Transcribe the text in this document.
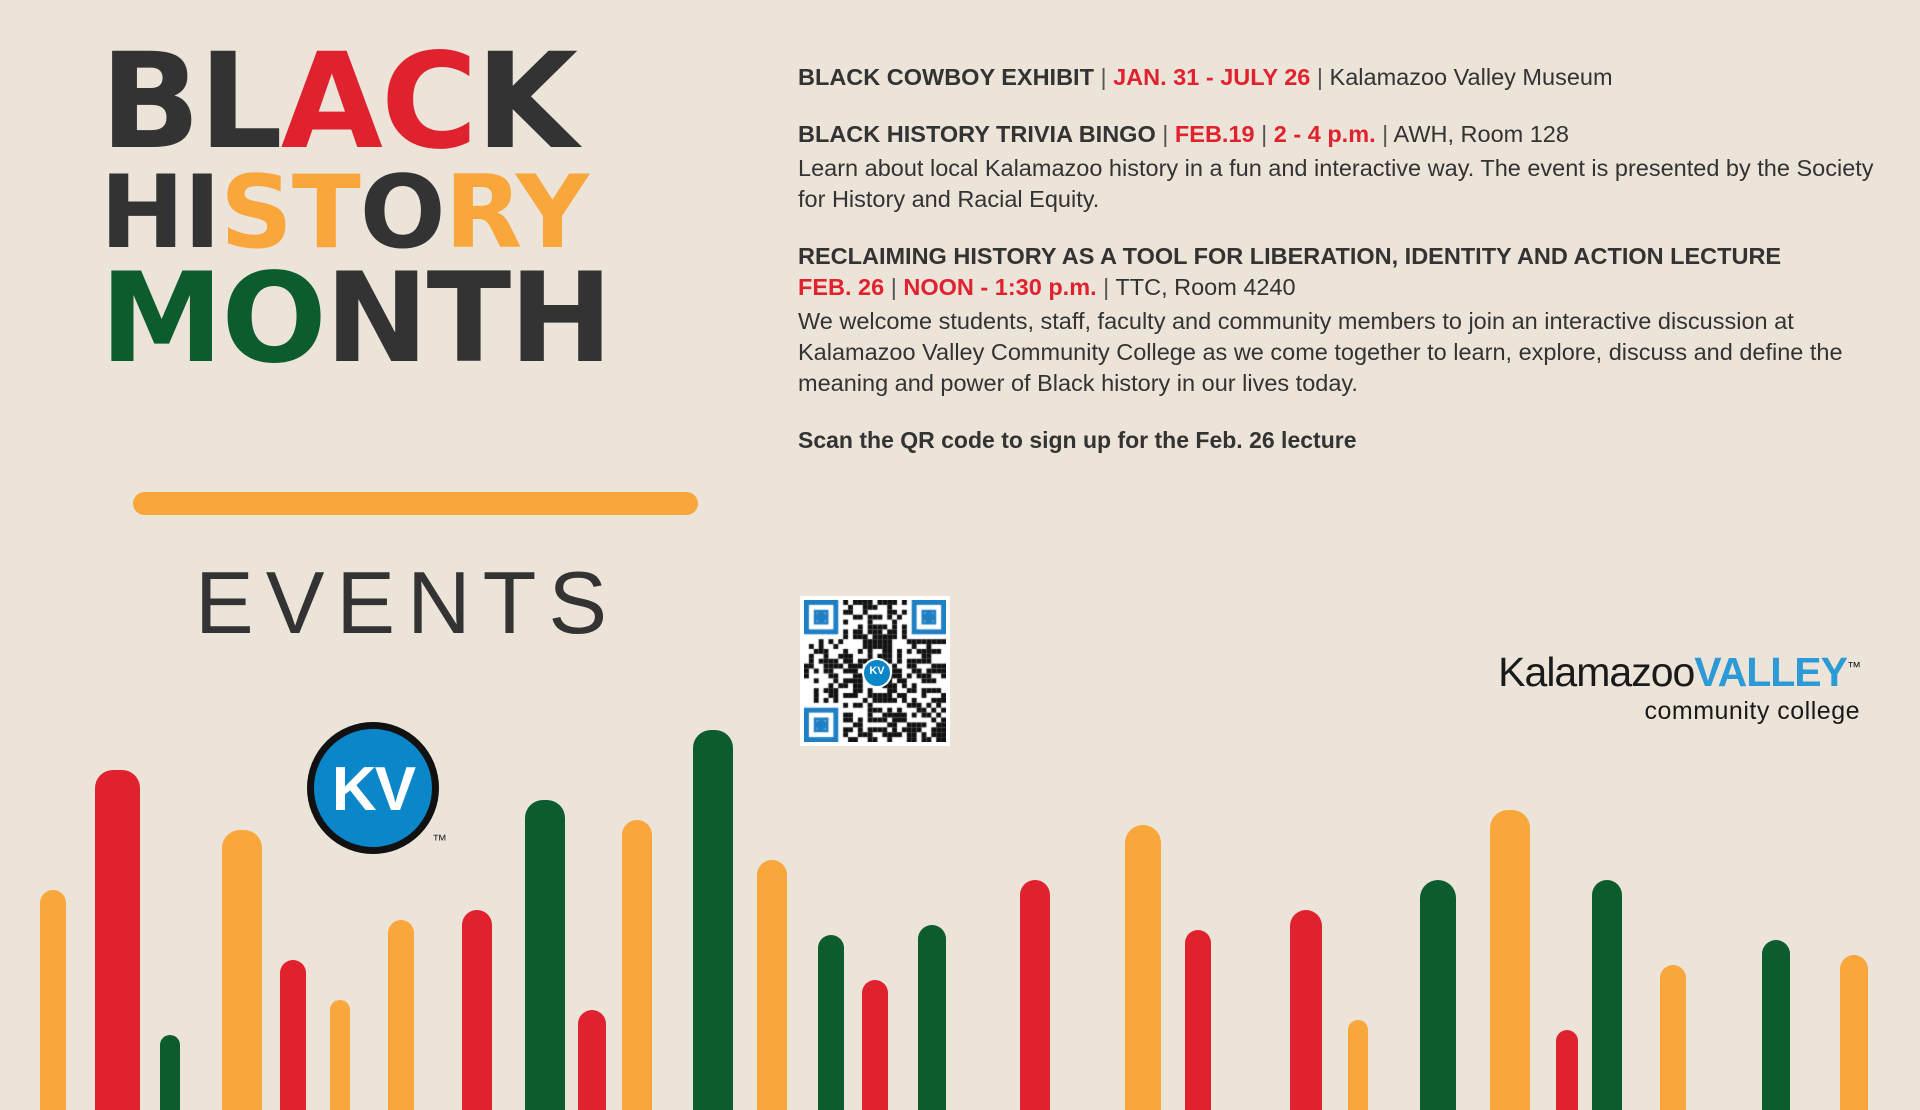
BLACK
HISTORY
MONTH
EVENTS
KV
™
BLACK COWBOY EXHIBIT | JAN. 31 - JULY 26 | Kalamazoo Valley Museum
BLACK HISTORY TRIVIA BINGO | FEB.19 | 2 - 4 p.m. | AWH, Room 128
Learn about local Kalamazoo history in a fun and interactive way. The event is presented by the Society for History and Racial Equity.
RECLAIMING HISTORY AS A TOOL FOR LIBERATION, IDENTITY AND ACTION LECTURE
FEB. 26 | NOON - 1:30 p.m. | TTC, Room 4240
We welcome students, staff, faculty and community members to join an interactive discussion at Kalamazoo Valley Community College as we come together to learn, explore, discuss and define the meaning and power of Black history in our lives today.
Scan the QR code to sign up for the Feb. 26 lecture
KV	KalamazooVALLEY™
community college
